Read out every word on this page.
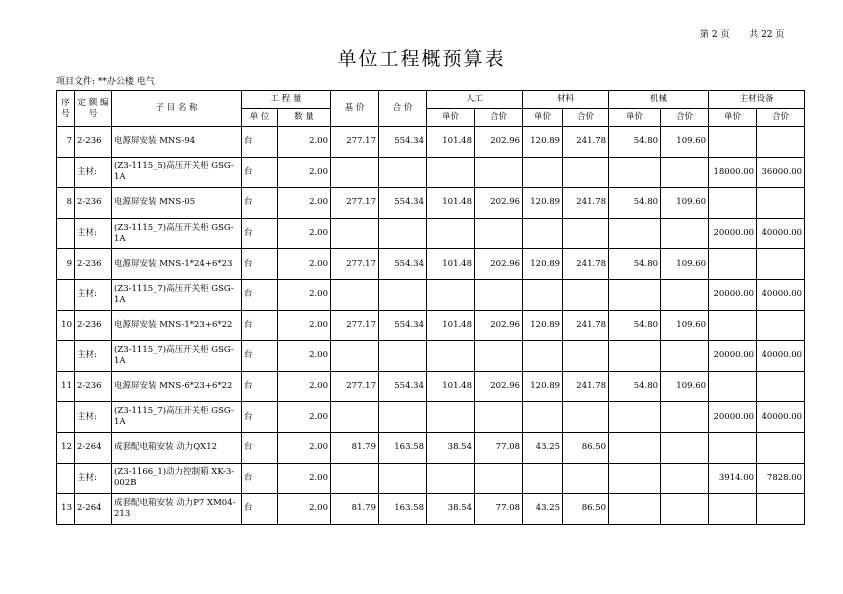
第 2 页 共 22 页
单位工程概预算表
项目文件: **办公楼 电气
序号	定 额 编 号	子 目 名 称	工 程 量		基 价	合 价	人工		材料		机械		主材设备	
			单 位	数 量			单价	合价	单价	合价	单价	合价	单价	合价
7	2-236	电源屏安装 MNS-94	台	2.00	277.17	554.34	101.48	202.96	120.89	241.78	54.80	109.60		
	主材:	(Z3-1115_5)高压开关柜 GSG-1A	台	2.00									18000.00	36000.00
8	2-236	电源屏安装 MNS-05	台	2.00	277.17	554.34	101.48	202.96	120.89	241.78	54.80	109.60		
	主材:	(Z3-1115_7)高压开关柜 GSG-1A	台	2.00									20000.00	40000.00
9	2-236	电源屏安装 MNS-1*24+6*23	台	2.00	277.17	554.34	101.48	202.96	120.89	241.78	54.80	109.60		
	主材:	(Z3-1115_7)高压开关柜 GSG-1A	台	2.00									20000.00	40000.00
10	2-236	电源屏安装 MNS-1*23+6*22	台	2.00	277.17	554.34	101.48	202.96	120.89	241.78	54.80	109.60		
	主材:	(Z3-1115_7)高压开关柜 GSG-1A	台	2.00									20000.00	40000.00
11	2-236	电源屏安装 MNS-6*23+6*22	台	2.00	277.17	554.34	101.48	202.96	120.89	241.78	54.80	109.60		
	主材:	(Z3-1115_7)高压开关柜 GSG-1A	台	2.00									20000.00	40000.00
12	2-264	成套配电箱安装 动力QX12	台	2.00	81.79	163.58	38.54	77.08	43.25	86.50				
	主材:	(Z3-1166_1)动力控制箱 XK-3-002B	台	2.00									3914.00	7828.00
13	2-264	成套配电箱安装 动力P7 XM04-213	台	2.00	81.79	163.58	38.54	77.08	43.25	86.50				
